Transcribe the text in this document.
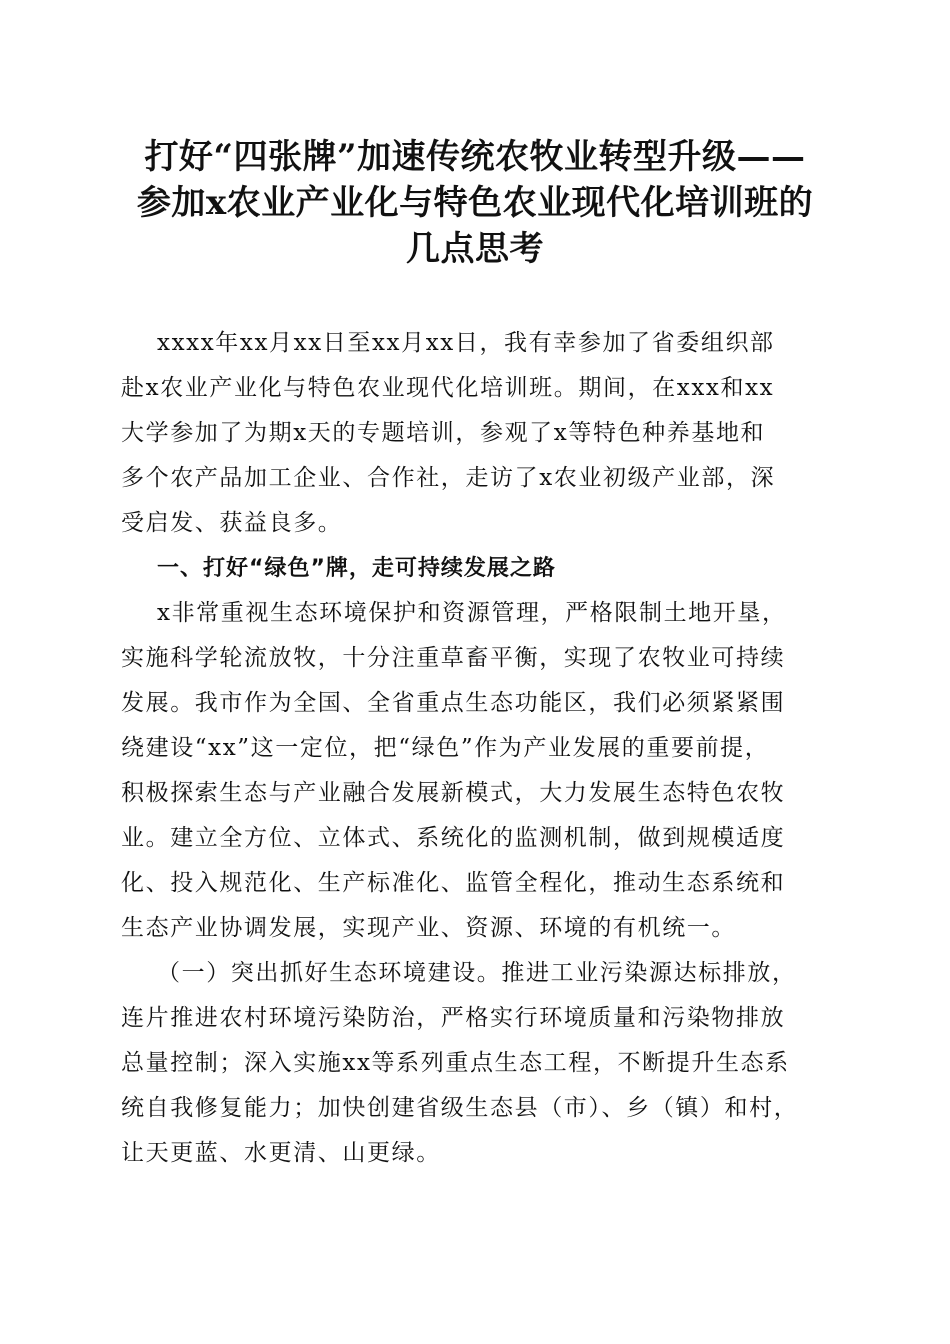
打好“四张牌”加速传统农牧业转型升级——
参加x农业产业化与特色农业现代化培训班的
几点思考
xxxx年xx月xx日至xx月xx日，我有幸参加了省委组织部
赴x农业产业化与特色农业现代化培训班。期间，在xxx和xx
大学参加了为期x天的专题培训，参观了x等特色种养基地和
多个农产品加工企业、合作社，走访了x农业初级产业部，深
受启发、获益良多。
一、打好“绿色”牌，走可持续发展之路
x非常重视生态环境保护和资源管理，严格限制土地开垦，
实施科学轮流放牧，十分注重草畜平衡，实现了农牧业可持续
发展。我市作为全国、全省重点生态功能区，我们必须紧紧围
绕建设“xx”这一定位，把“绿色”作为产业发展的重要前提，
积极探索生态与产业融合发展新模式，大力发展生态特色农牧
业。建立全方位、立体式、系统化的监测机制，做到规模适度
化、投入规范化、生产标准化、监管全程化，推动生态系统和
生态产业协调发展，实现产业、资源、环境的有机统一。
（一）突出抓好生态环境建设。推进工业污染源达标排放，
连片推进农村环境污染防治，严格实行环境质量和污染物排放
总量控制；深入实施xx等系列重点生态工程，不断提升生态系
统自我修复能力；加快创建省级生态县（市）、乡（镇）和村，
让天更蓝、水更清、山更绿。
